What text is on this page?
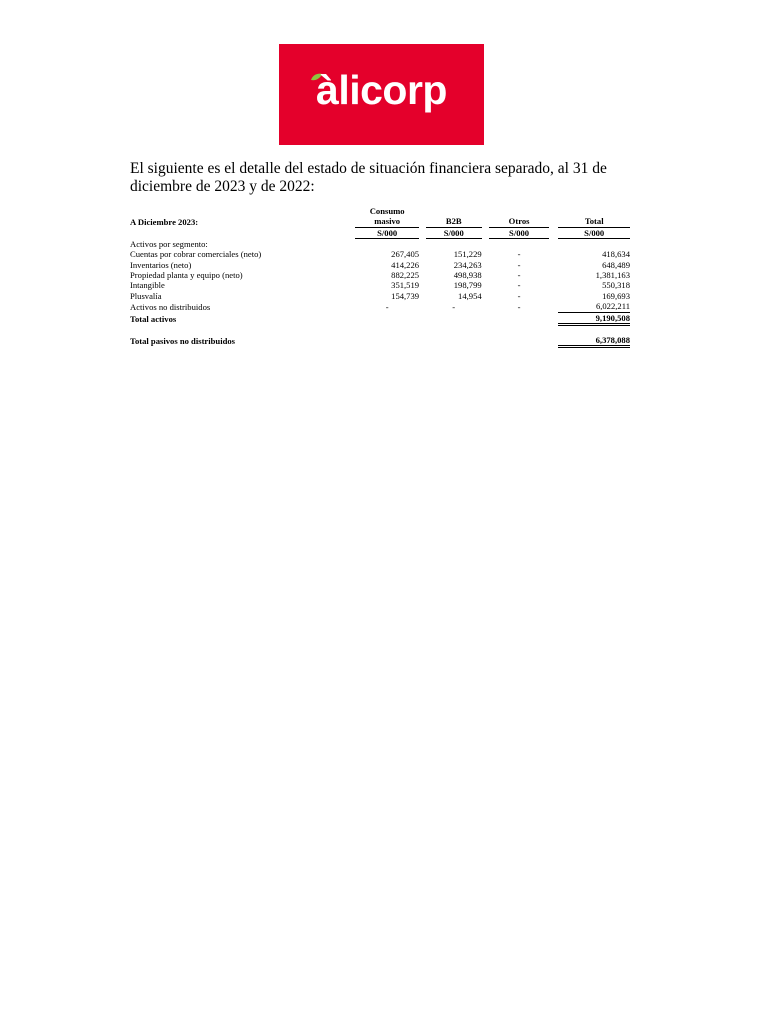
àlicorp
El siguiente es el detalle del estado de situación financiera separado, al 31 de diciembre de 2023 y de 2022:
		Consumo						
A Diciembre 2023:		masivo		B2B		Otros		Total
		S/000		S/000		S/000		S/000
Activos por segmento:								
Cuentas por cobrar comerciales (neto)		267,405		151,229		-		418,634
Inventarios (neto)		414,226		234,263		-		648,489
Propiedad planta y equipo (neto)		882,225		498,938		-		1,381,163
Intangible		351,519		198,799		-		550,318
Plusvalía		154,739		14,954		-		169,693
Activos no distribuidos		-		-		-		6,022,211
Total activos								9,190,508

Total pasivos no distribuidos								6,378,088
